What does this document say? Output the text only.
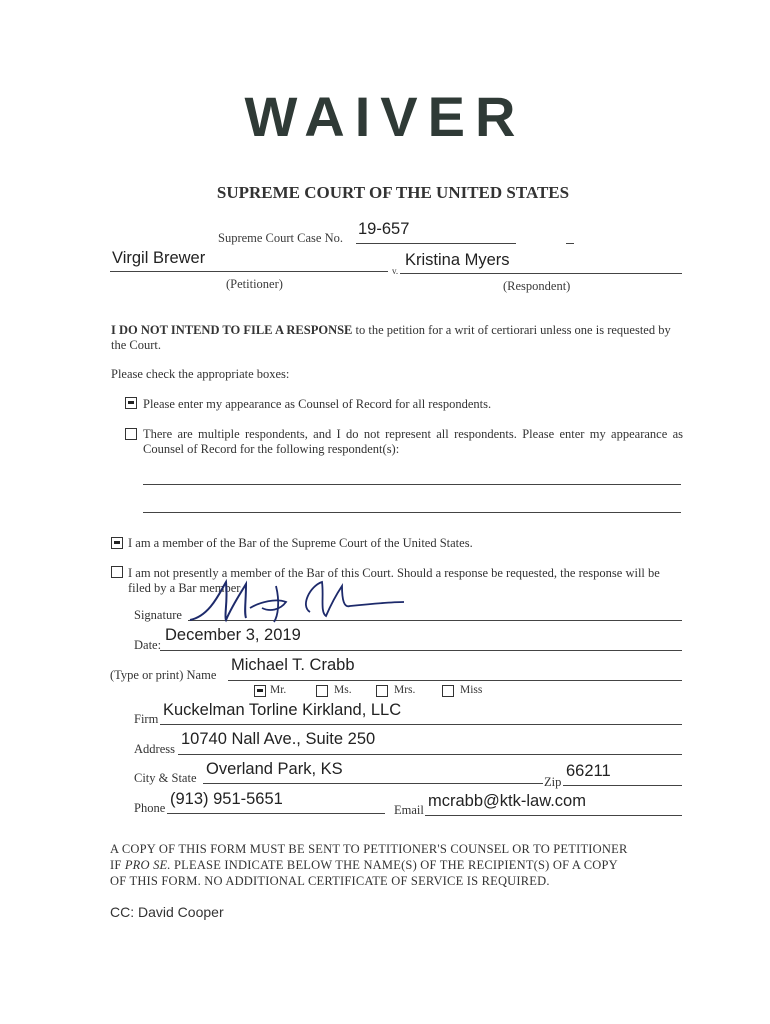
WAIVER
SUPREME COURT OF THE UNITED STATES
Supreme Court Case No. 19-657
Virgil Brewer
v.
Kristina Myers
(Petitioner)	(Respondent)
I DO NOT INTEND TO FILE A RESPONSE to the petition for a writ of certiorari unless one is requested by the Court.
Please check the appropriate boxes:
Please enter my appearance as Counsel of Record for all respondents.
There are multiple respondents, and I do not represent all respondents. Please enter my appearance as Counsel of Record for the following respondent(s):
I am a member of the Bar of the Supreme Court of the United States.
I am not presently a member of the Bar of this Court. Should a response be requested, the response will be filed by a Bar member.
Signature
Date:
December 3, 2019
(Type or print) Name
Michael T. Crabb
Mr.	Ms.	Mrs.	Miss
Firm Kuckelman Torline Kirkland, LLC
Address
10740 Nall Ave., Suite 250
City & State Overland Park, KS
Zip
66211
Phone (913) 951-5651
Email mcrabb@ktk-law.com
A COPY OF THIS FORM MUST BE SENT TO PETITIONER'S COUNSEL OR TO PETITIONER
IF PRO SE. PLEASE INDICATE BELOW THE NAME(S) OF THE RECIPIENT(S) OF A COPY
OF THIS FORM. NO ADDITIONAL CERTIFICATE OF SERVICE IS REQUIRED.
CC: David Cooper
